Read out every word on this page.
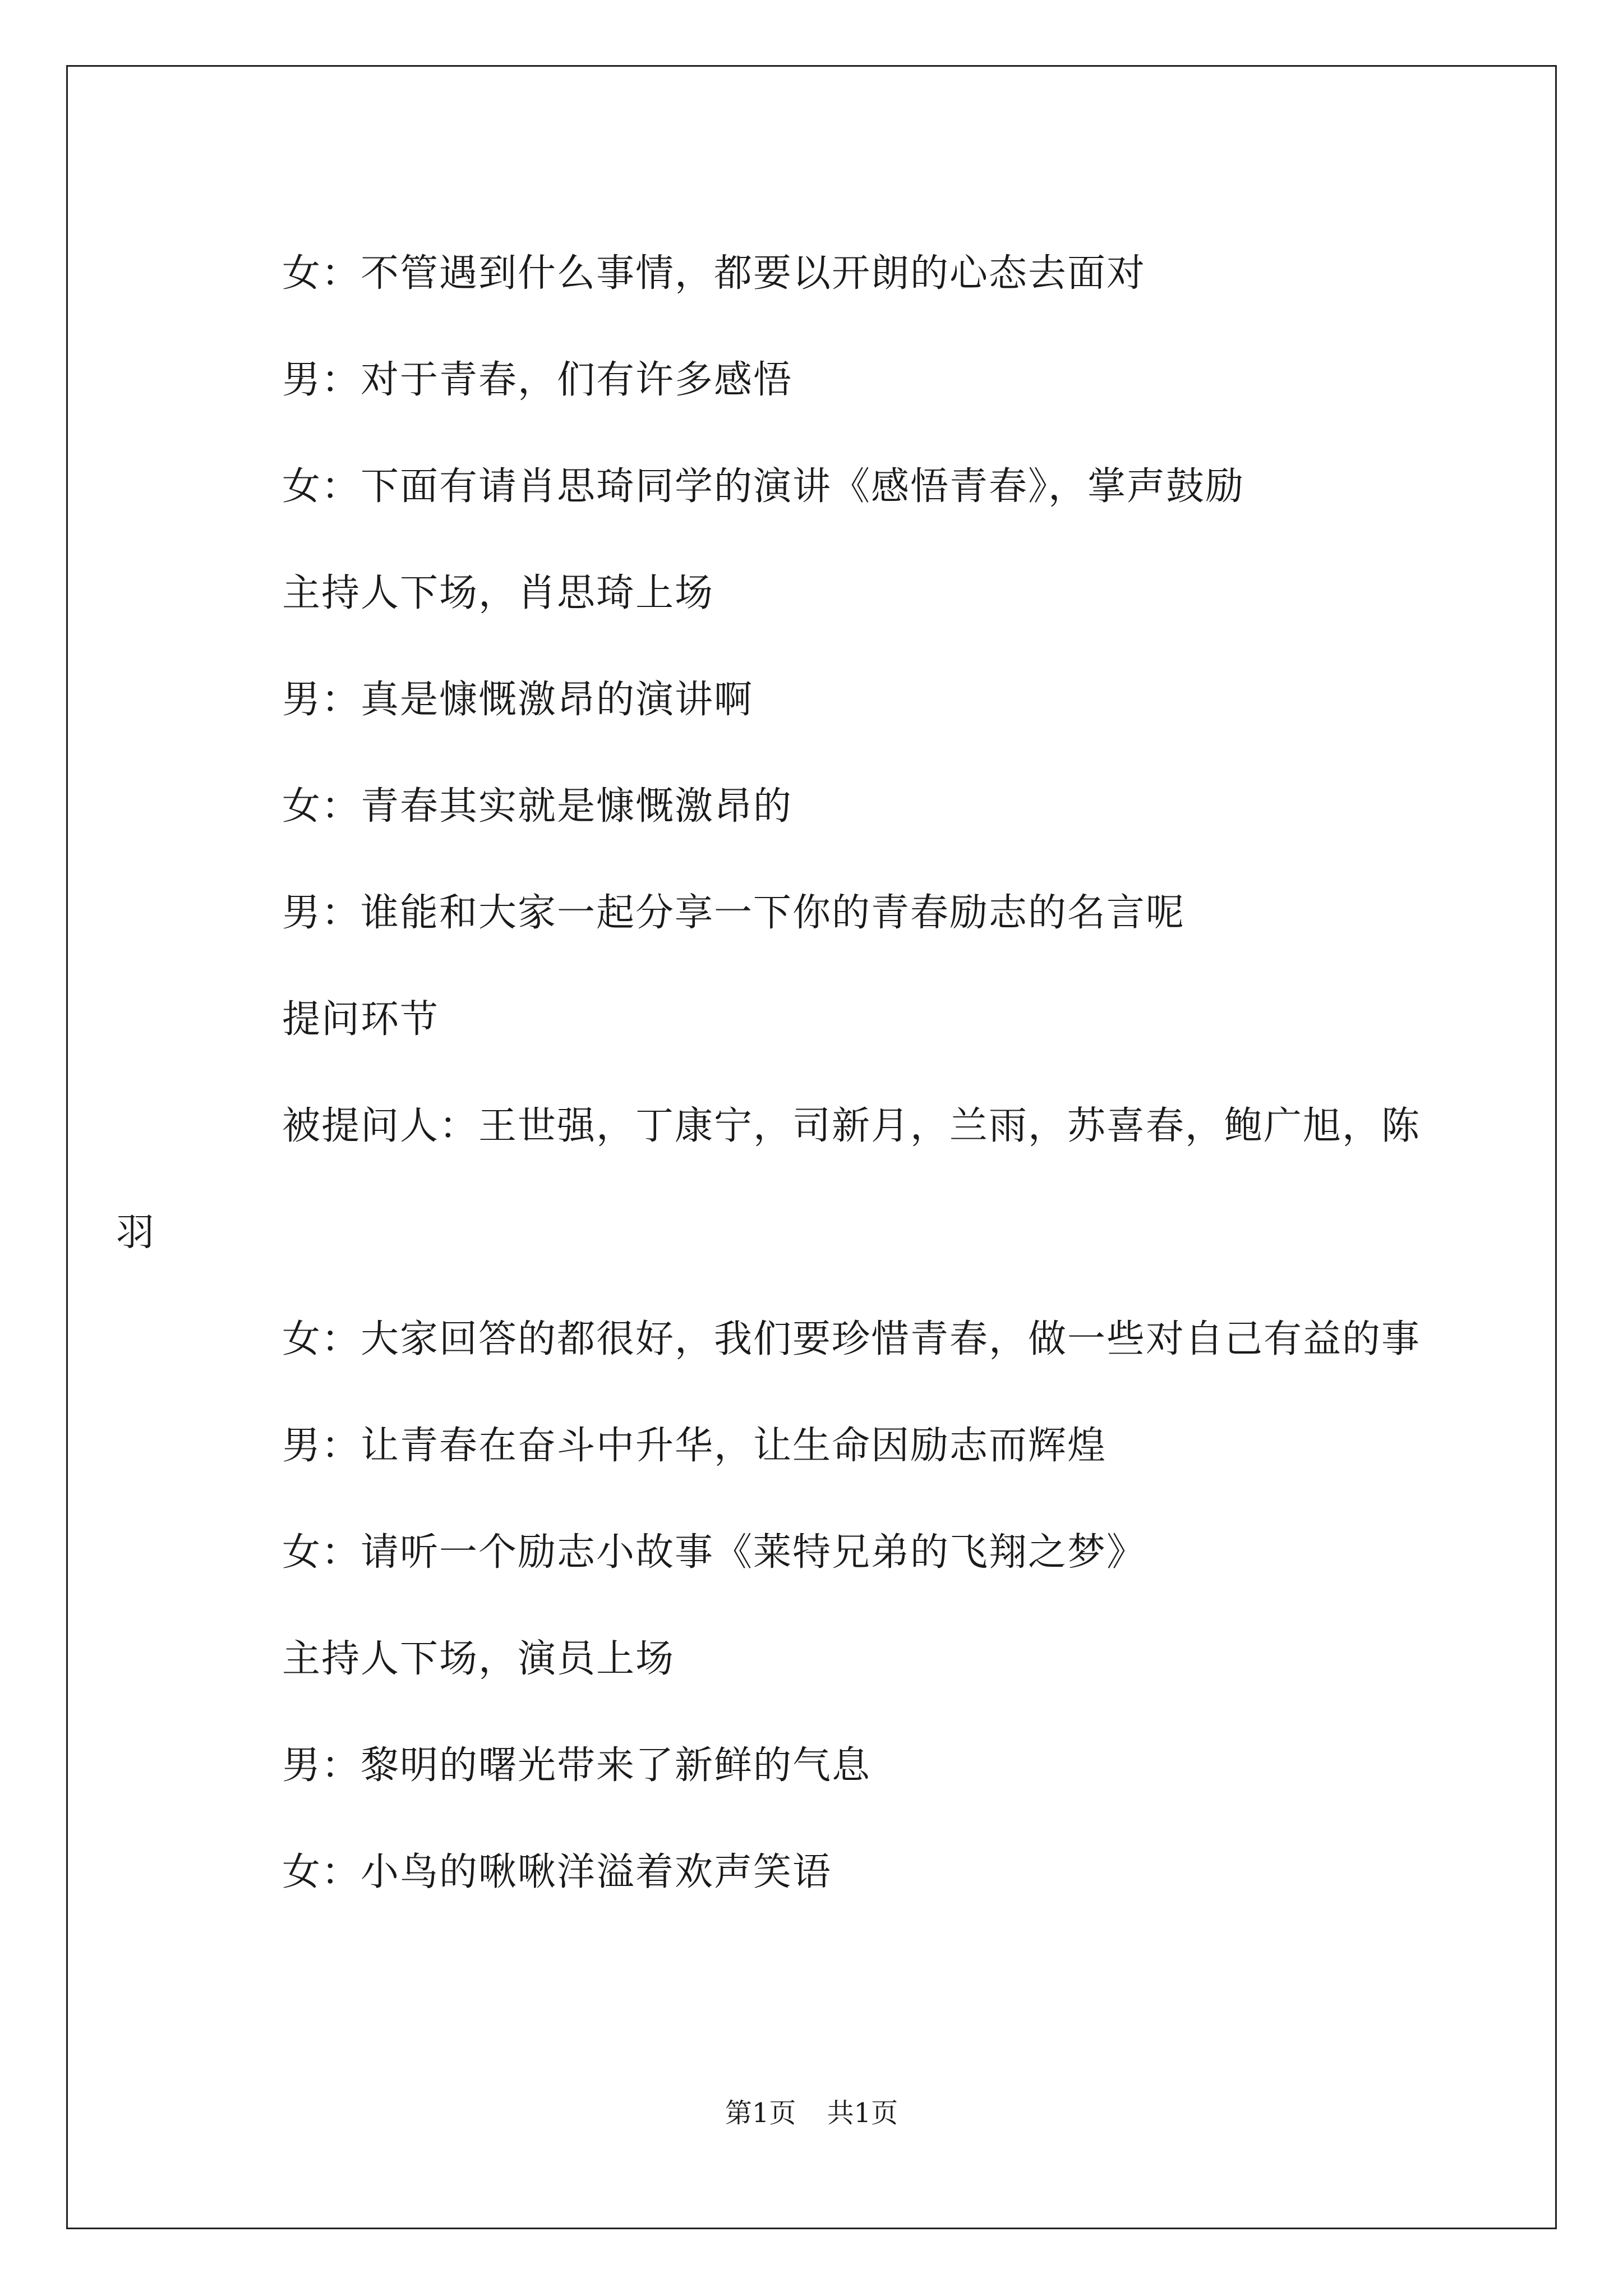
女：不管遇到什么事情，都要以开朗的心态去面对

男：对于青春，们有许多感悟

女：下面有请肖思琦同学的演讲《感悟青春》，掌声鼓励

主持人下场，肖思琦上场

男：真是慷慨激昂的演讲啊

女：青春其实就是慷慨激昂的

男：谁能和大家一起分享一下你的青春励志的名言呢

提问环节

被提问人：王世强，丁康宁，司新月，兰雨，苏喜春，鲍广旭，陈羽

女：大家回答的都很好，我们要珍惜青春，做一些对自己有益的事

男：让青春在奋斗中升华，让生命因励志而辉煌

女：请听一个励志小故事《莱特兄弟的飞翔之梦》

主持人下场，演员上场

男：黎明的曙光带来了新鲜的气息

女：小鸟的啾啾洋溢着欢声笑语

第1页 共1页
